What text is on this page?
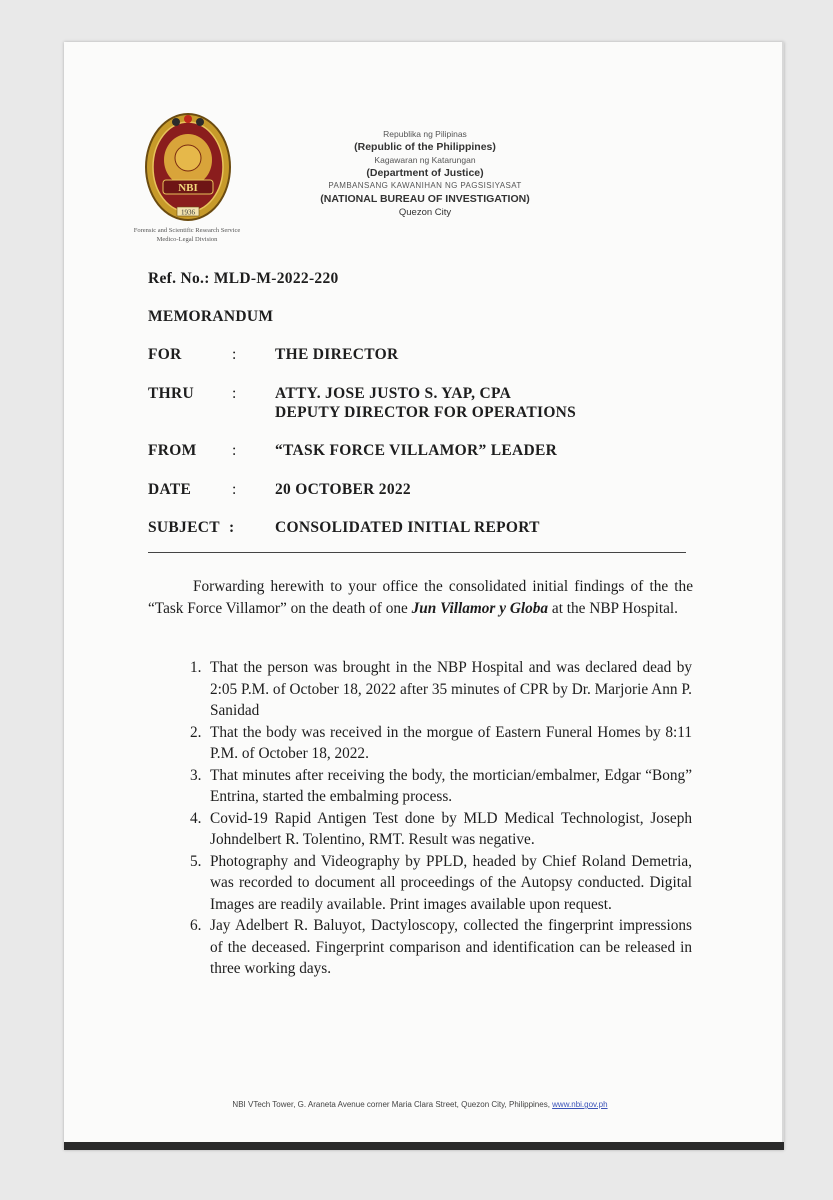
NBI
1936
Forensic and Scientific Research Service
Medico-Legal Division
Republika ng Pilipinas
(Republic of the Philippines)
Kagawaran ng Katarungan
(Department of Justice)
PAMBANSANG KAWANIHAN NG PAGSISIYASAT
(NATIONAL BUREAU OF INVESTIGATION)
Quezon City
Ref. No.: MLD-M-2022-220
MEMORANDUM
FOR	: THE DIRECTOR
THRU : ATTY. JOSE JUSTO S. YAP, CPA
DEPUTY DIRECTOR FOR OPERATIONS
FROM : “TASK FORCE VILLAMOR” LEADER
DATE	: 20 OCTOBER 2022
SUBJECT :	CONSOLIDATED INITIAL REPORT
Forwarding herewith to your office the consolidated initial findings of the the “Task Force Villamor” on the death of one Jun Villamor y Globa at the NBP Hospital.
1. That the person was brought in the NBP Hospital and was declared dead by 2:05 P.M. of October 18, 2022 after 35 minutes of CPR by Dr. Marjorie Ann P. Sanidad
2. That the body was received in the morgue of Eastern Funeral Homes by 8:11 P.M. of October 18, 2022.
3. That minutes after receiving the body, the mortician/embalmer, Edgar “Bong” Entrina, started the embalming process.
4. Covid-19 Rapid Antigen Test done by MLD Medical Technologist, Joseph Johndelbert R. Tolentino, RMT. Result was negative.
5. Photography and Videography by PPLD, headed by Chief Roland Demetria, was recorded to document all proceedings of the Autopsy conducted. Digital Images are readily available. Print images available upon request.
6. Jay Adelbert R. Baluyot, Dactyloscopy, collected the fingerprint impressions of the deceased. Fingerprint comparison and identification can be released in three working days.
NBI VTech Tower, G. Araneta Avenue corner Maria Clara Street, Quezon City, Philippines, www.nbi.gov.ph
